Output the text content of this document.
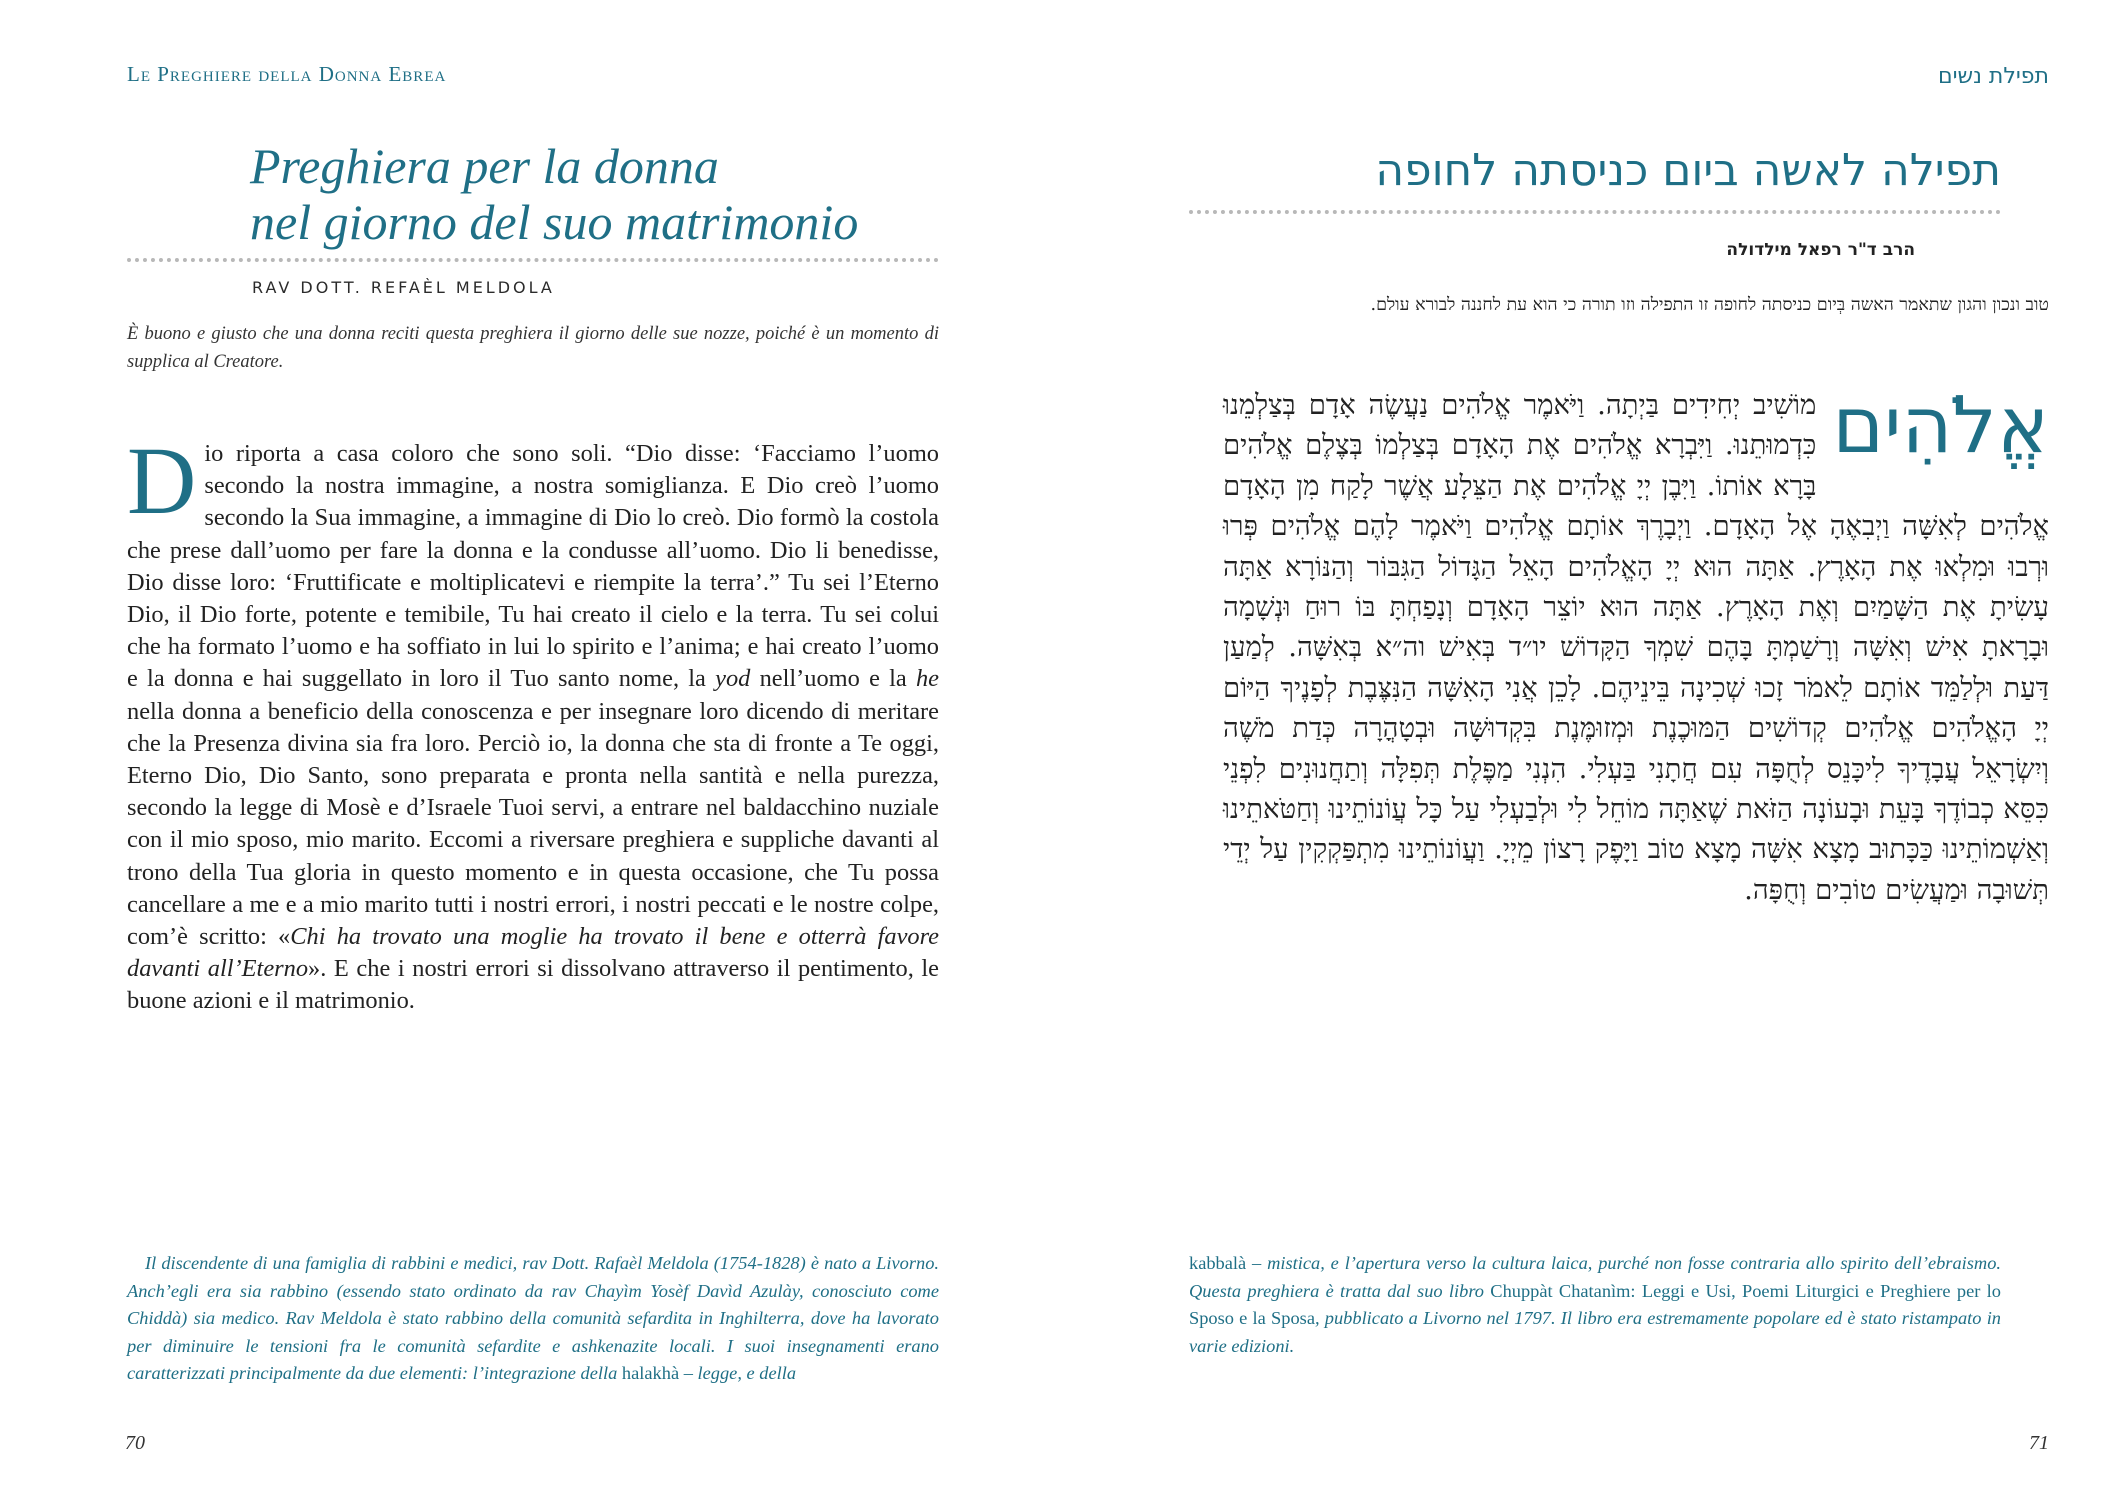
Le Preghiere della Donna Ebrea
Preghiera per la donna
nel giorno del suo matrimonio
RAV DOTT. REFAÈL MELDOLA
È buono e giusto che una donna reciti questa preghiera il giorno delle sue nozze, poiché è un momento di supplica al Creatore.
Dio riporta a casa coloro che sono soli. “Dio disse: ‘Facciamo l’uomo secondo la nostra immagine, a nostra somiglianza. E Dio creò l’uomo secondo la Sua immagine, a immagine di Dio lo creò. Dio formò la costola che prese dall’uomo per fare la donna e la condusse all’uomo. Dio li benedisse, Dio disse loro: ‘Fruttificate e moltiplicatevi e riempite la terra’.” Tu sei l’Eterno Dio, il Dio forte, potente e temibile, Tu hai creato il cielo e la terra. Tu sei colui che ha formato l’uomo e ha soffiato in lui lo spirito e l’anima; e hai creato l’uomo e la donna e hai suggellato in loro il Tuo santo nome, la yod nell’uomo e la he nella donna a beneficio della conoscenza e per insegnare loro dicendo di meritare che la Presenza divina sia fra loro. Perciò io, la donna che sta di fronte a Te oggi, Eterno Dio, Dio Santo, sono preparata e pronta nella santità e nella purezza, secondo la legge di Mosè e d’Israele Tuoi servi, a entrare nel baldacchino nuziale con il mio sposo, mio marito. Eccomi a riversare preghiera e suppliche davanti al trono della Tua gloria in questo momento e in questa occasione, che Tu possa cancellare a me e a mio marito tutti i nostri errori, i nostri peccati e le nostre colpe, com’è scritto: «Chi ha trovato una moglie ha trovato il bene e otterrà favore davanti all’Eterno». E che i nostri errori si dissolvano attraverso il pentimento, le buone azioni e il matrimonio.
Il discendente di una famiglia di rabbini e medici, rav Dott. Rafaèl Meldola (1754-1828) è nato a Livorno. Anch’egli era sia rabbino (essendo stato ordinato da rav Chayìm Yosèf Davìd Azulày, conosciuto come Chiddà) sia medico. Rav Meldola è stato rabbino della comunità sefardita in Inghilterra, dove ha lavorato per diminuire le tensioni fra le comunità sefardite e ashkenazite locali. I suoi insegnamenti erano caratterizzati principalmente da due elementi: l’integrazione della halakhà – legge, e della
70
תפילת נשים
תפילה לאשה ביום כניסתה לחופה
הרב ד"ר רפאל מילדולה
טוב ונכון והגון שתאמר האשה בְּיום כניסתה לחופה זו התפילה וזו תורה כי הוא עת לחננה לבורא עולם.
אֱלֹהִים
מוֹשִׁיב יְחִידִים בַּיְתָה. וַיֹּאמֶר אֱלֹהִים נַעֲשֶׂה אָדָם בְּצַלְמֵנוּ כִּדְמוּתֵנוּ. וַיִּבְרָא אֱלֹהִים אֶת הָאָדָם בְּצַלְמוֹ בְּצֶלֶם אֱלֹהִים בָּרָא אוֹתוֹ. וַיִּבֶן יְיָ אֱלֹהִים אֶת הַצֵּלָע אֲשֶׁר לָקַח מִן הָאָדָם אֱלֹהִים לְאִשָּׁה וַיְבִאֶהָ אֶל הָאָדָם. וַיְבָרֶךְ אוֹתָם אֱלֹהִים וַיֹּאמֶר לָהֶם אֱלֹהִים פְּרוּ וּרְבוּ וּמִלְאוּ אֶת הָאָרֶץ. אַתָּה הוּא יְיָ הָאֱלֹהִים הָאֵל הַגָּדוֹל הַגִּבּוֹר וְהַנּוֹרָא אַתָּה עָשִׂיתָ אֶת הַשָּׁמַיִם וְאֶת הָאָרֶץ. אַתָּה הוּא יוֹצֵר הָאָדָם וְנָפַחְתָּ בּוֹ רוּחַ וּנְשָׁמָה וּבָרָאתָ אִישׁ וְאִשָּׁה וְרָשַׁמְתָּ בָּהֶם שִׁמְךָ הַקָּדוֹשׁ יו״ד בְּאִישׁ וה״א בְּאִשָּׁה. לְמַעַן דַּעַת וּלְלַמֵּד אוֹתָם לֵאמֹר זָכוּ שְׁכִינָה בֵּינֵיהֶם. לָכֵן אֲנִי הָאִשָּׁה הַנִּצֶּבֶת לְפָנֶיךָ הַיּוֹם יְיָ הָאֱלֹהִים אֱלֹהִים קְדוֹשִׁים הַמּוּכֶנֶת וּמְזוּמֶּנֶת בִּקְדוּשָּׁה וּבְטָהֳרָה כְּדַת מֹשֶׁה וְיִשְׂרָאֵל עֲבָדֶיךָ לִיכָּנֵס לְחֻפָּה עִם חֲתָנִי בַּעְלִי. הִנְנִי מַפֶּלֶת תְּפִלָּה וְתַחֲנוּנִים לִפְנֵי כִּסֵּא כְבוֹדֶךָ בָּעֵת וּבָעוֹנָה הַזֹּאת שֶׁאַתָּה מוֹחֵל לִי וּלְבַעְלִי עַל כָּל עֲוֹנוֹתֵינוּ וְחַטֹּאתֵינוּ וְאַשְׁמוֹתֵינוּ כַּכָּתוּב מָצָא אִשָּׁה מָצָא טוֹב וַיָּפֶק רָצוֹן מֵיְיָ. וַעֲוֹנוֹתֵינוּ מִתְפַּקְקִין עַל יְדֵי תְּשׁוּבָה וּמַעֲשִׂים טוֹבִים וְחֻפָּה.
kabbalà – mistica, e l’apertura verso la cultura laica, purché non fosse contraria allo spirito dell’ebraismo. Questa preghiera è tratta dal suo libro Chuppàt Chatanìm: Leggi e Usi, Poemi Liturgici e Preghiere per lo Sposo e la Sposa, pubblicato a Livorno nel 1797. Il libro era estremamente popolare ed è stato ristampato in varie edizioni.
71
